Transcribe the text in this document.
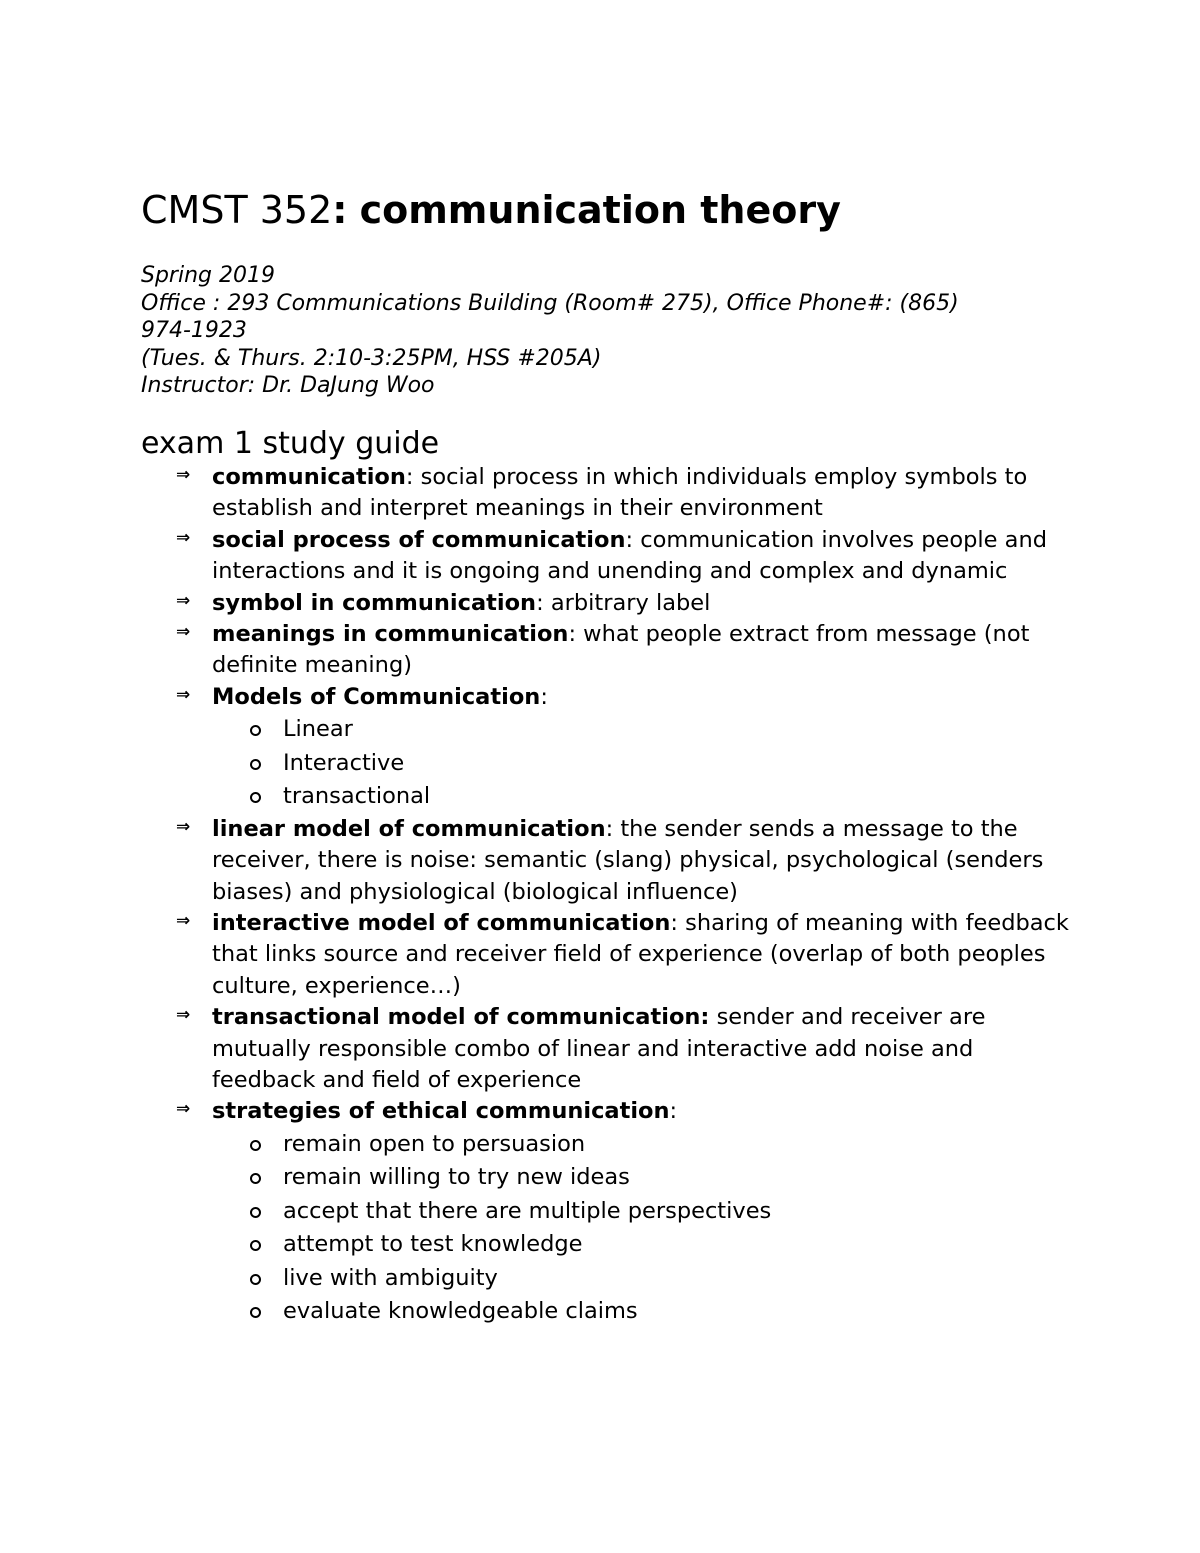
CMST 352: communication theory
Spring 2019
Office : 293 Communications Building (Room# 275), Office Phone#: (865)
974-1923
(Tues. & Thurs. 2:10-3:25PM, HSS #205A)
Instructor: Dr. DaJung Woo
exam 1 study guide
⇒ communication: social process in which individuals employ symbols to establish and interpret meanings in their environment
⇒ social process of communication: communication involves people and interactions and it is ongoing and unending and complex and dynamic
⇒ symbol in communication: arbitrary label
⇒ meanings in communication: what people extract from message (not definite meaning)
⇒ Models of Communication:
Linear
Interactive
transactional
⇒ linear model of communication: the sender sends a message to the receiver, there is noise: semantic (slang) physical, psychological (senders biases) and physiological (biological influence)
⇒ interactive model of communication: sharing of meaning with feedback that links source and receiver field of experience (overlap of both peoples culture, experience…)
⇒ transactional model of communication: sender and receiver are mutually responsible combo of linear and interactive add noise and feedback and field of experience
⇒ strategies of ethical communication:
remain open to persuasion
remain willing to try new ideas
accept that there are multiple perspectives
attempt to test knowledge
live with ambiguity
evaluate knowledgeable claims
